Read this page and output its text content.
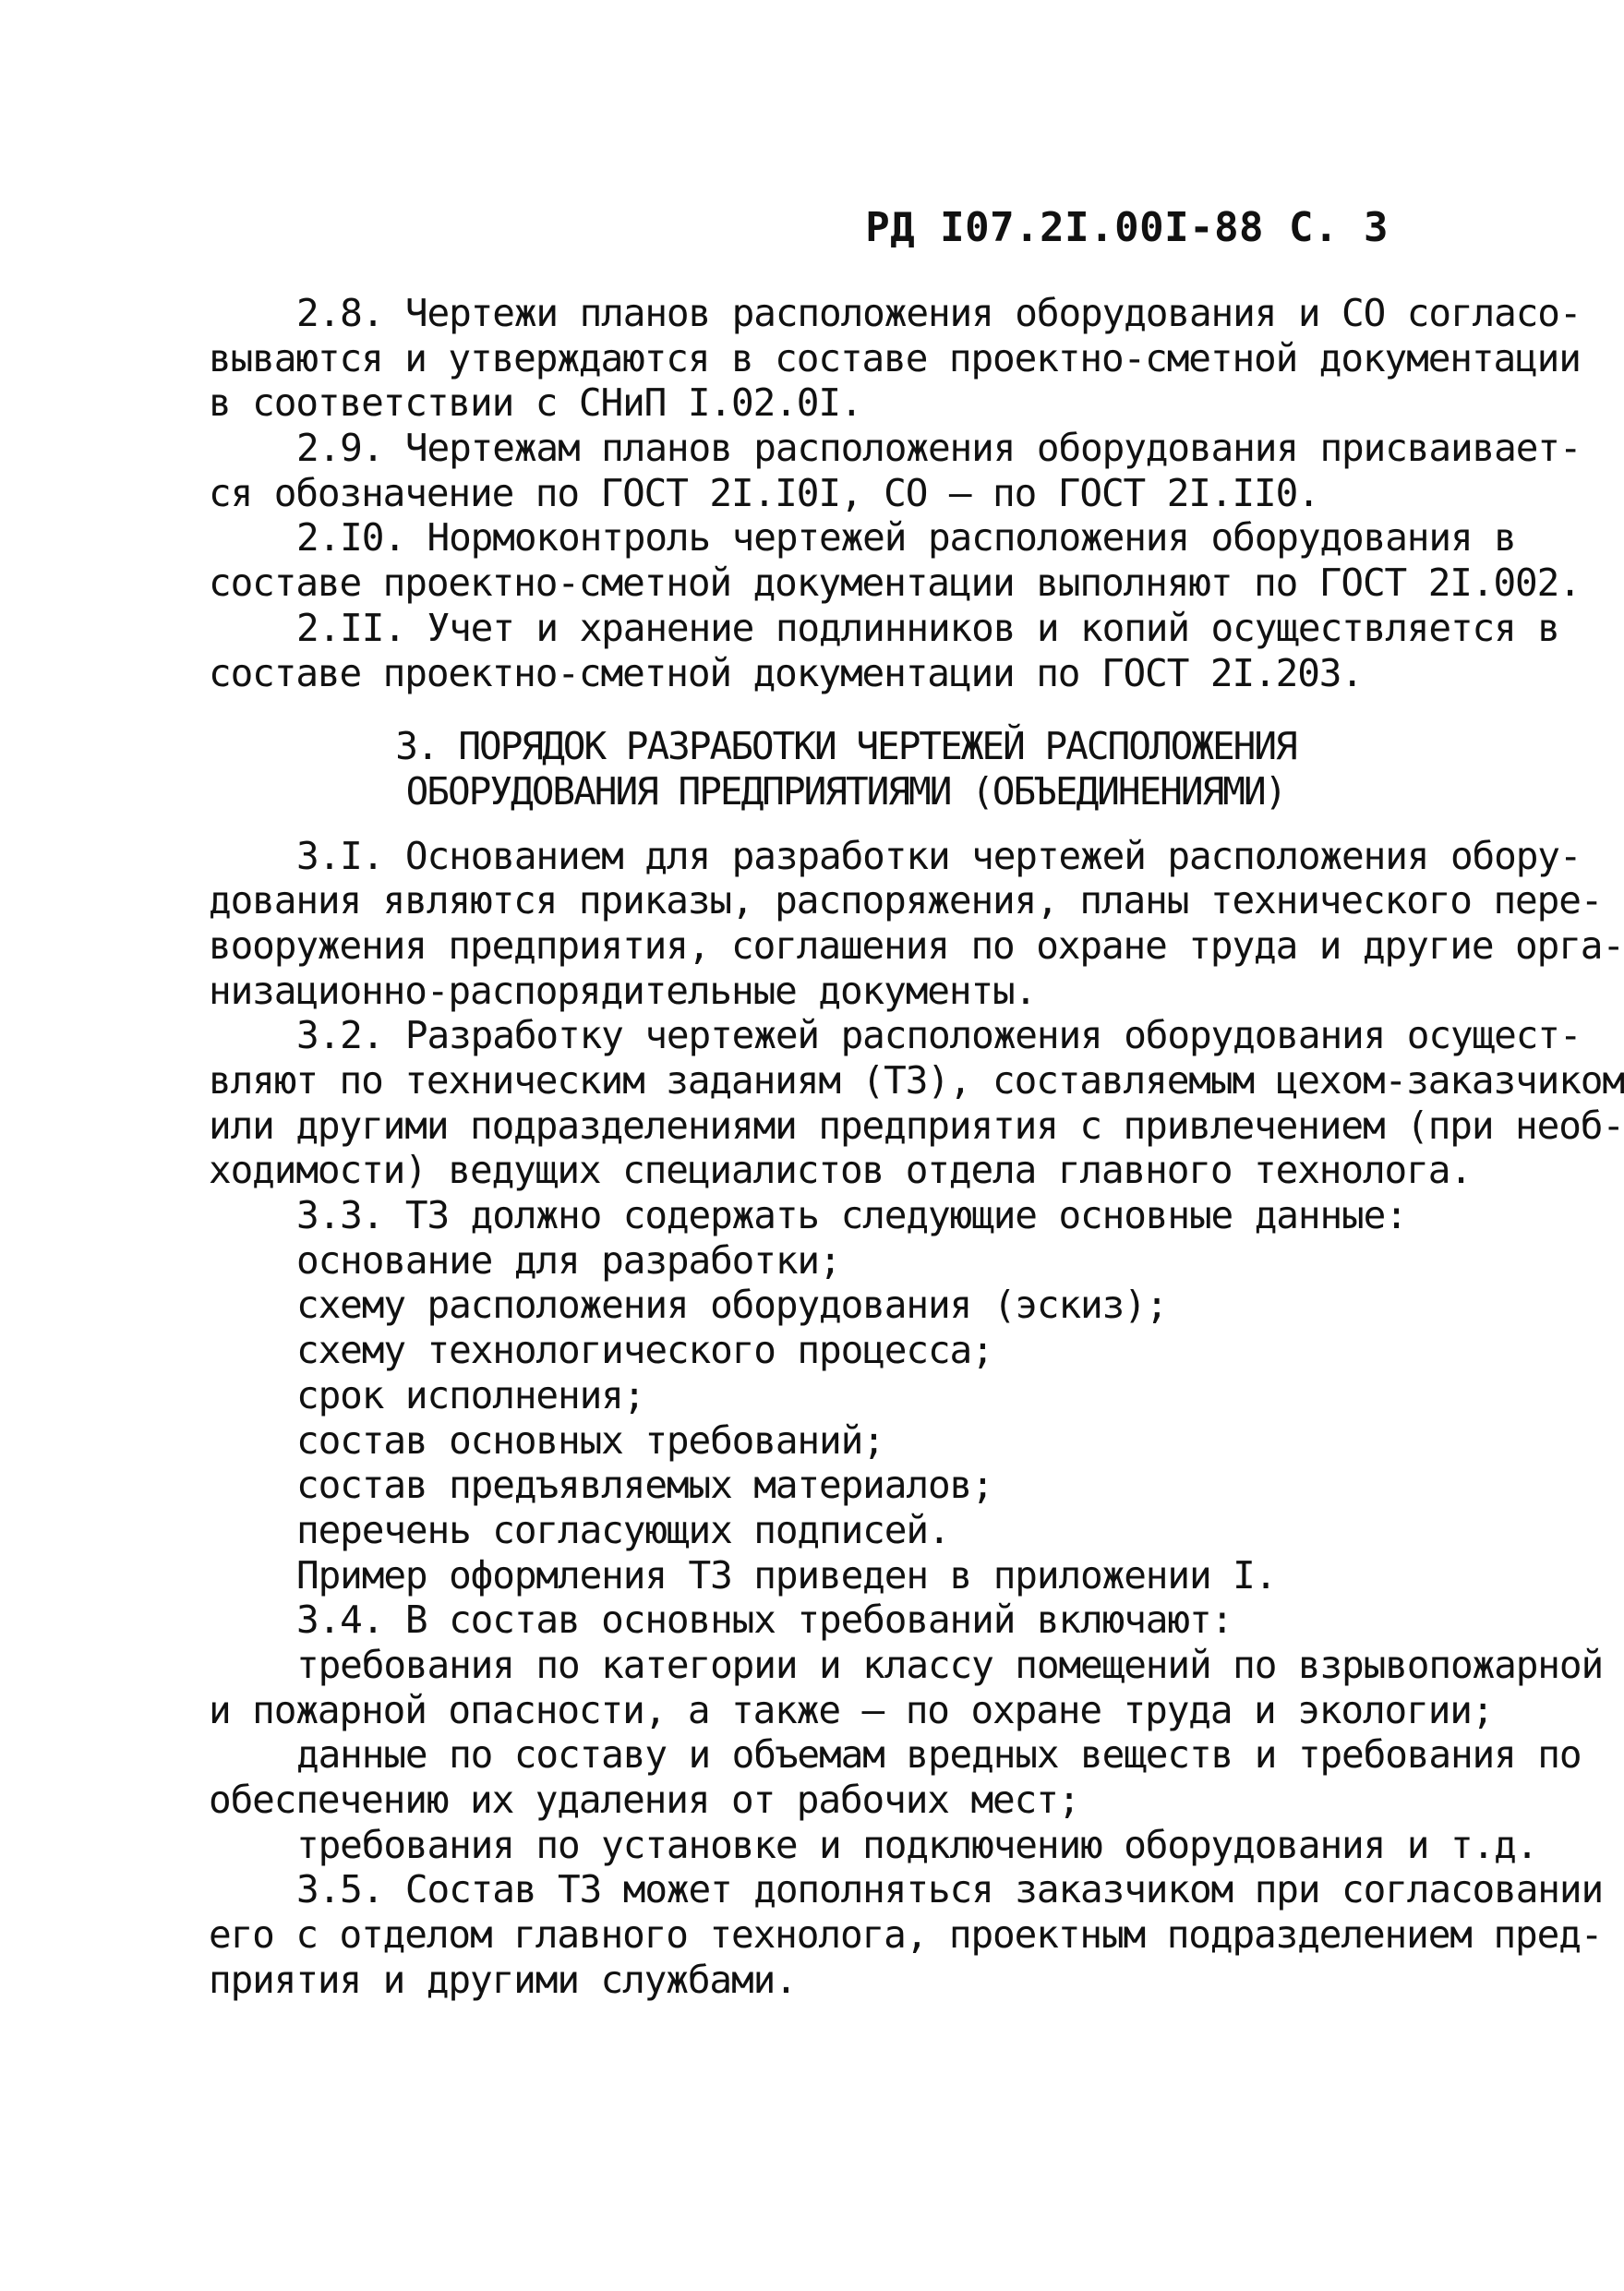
РД I07.2I.00I-88 С. 3
2.8. Чертежи планов расположения оборудования и СО согласо-
вываются и утверждаются в составе проектно-сметной документации
в соответствии с СНиП I.02.0I.
2.9. Чертежам планов расположения оборудования присваивает-
ся обозначение по ГОСТ 2I.I0I, СО – по ГОСТ 2I.II0.
2.I0. Нормоконтроль чертежей расположения оборудования в
составе проектно-сметной документации выполняют по ГОСТ 2I.002.
2.II. Учет и хранение подлинников и копий осуществляется в
составе проектно-сметной документации по ГОСТ 2I.203.
3. ПОРЯДОК РАЗРАБОТКИ ЧЕРТЕЖЕЙ РАСПОЛОЖЕНИЯ
ОБОРУДОВАНИЯ ПРЕДПРИЯТИЯМИ (ОБЪЕДИНЕНИЯМИ)
3.I. Основанием для разработки чертежей расположения обору-
дования являются приказы, распоряжения, планы технического пере-
вооружения предприятия, соглашения по охране труда и другие орга-
низационно-распорядительные документы.
3.2. Разработку чертежей расположения оборудования осущест-
вляют по техническим заданиям (ТЗ), составляемым цехом-заказчиком
или другими подразделениями предприятия с привлечением (при необ-
ходимости) ведущих специалистов отдела главного технолога.
3.3. ТЗ должно содержать следующие основные данные:
основание для разработки;
схему расположения оборудования (эскиз);
схему технологического процесса;
срок исполнения;
состав основных требований;
состав предъявляемых материалов;
перечень согласующих подписей.
Пример оформления ТЗ приведен в приложении I.
3.4. В состав основных требований включают:
требования по категории и классу помещений по взрывопожарной
и пожарной опасности, а также – по охране труда и экологии;
данные по составу и объемам вредных веществ и требования по
обеспечению их удаления от рабочих мест;
требования по установке и подключению оборудования и т.д.
3.5. Состав ТЗ может дополняться заказчиком при согласовании
его с отделом главного технолога, проектным подразделением пред-
приятия и другими службами.
